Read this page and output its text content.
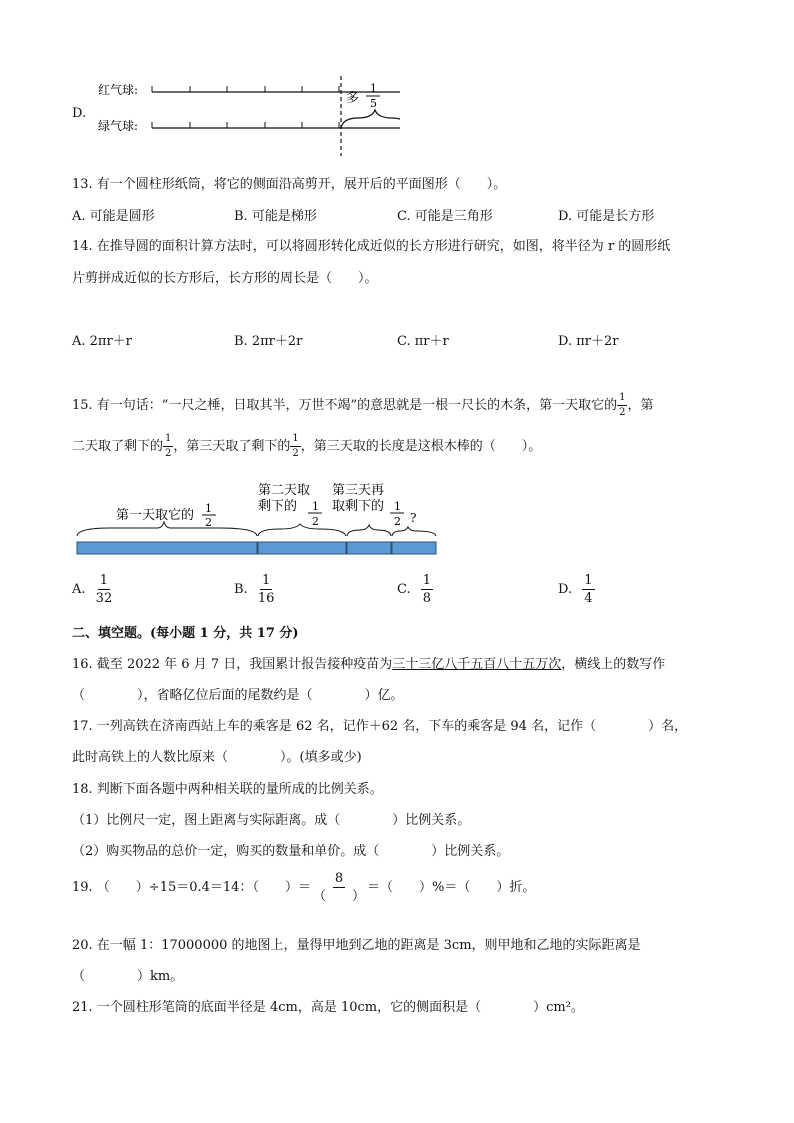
D.
红气球:
绿气球:
多
1
5
13. 有一个圆柱形纸筒，将它的侧面沿高剪开，展开后的平面图形（　　）。
A. 可能是圆形	B. 可能是梯形	C. 可能是三角形	D. 可能是长方形
14. 在推导圆的面积计算方法时，可以将圆形转化成近似的长方形进行研究，如图，将半径为 r 的圆形纸
片剪拼成近似的长方形后，长方形的周长是（　　）。
A. 2πr＋r	B. 2πr＋2r	C. πr＋r	D. πr＋2r
15. 有一句话：“一尺之棰，日取其半，万世不竭”的意思就是一根一尺长的木条，第一天取它的 $\frac{1}{2}$ ，第
二天取了剩下的 $\frac{1}{2}$ ，第三天取了剩下的 $\frac{1}{2}$ ，第三天取的长度是这根木棒的（　　）。
第一天取它的 1
2
第二天取
剩下的 1
2
第三天再
取剩下的 1
2 ?
A. $\frac{1}{32}$	B. $\frac{1}{16}$	C. $\frac{1}{8}$	D. $\frac{1}{4}$
二、填空题。(每小题 1 分，共 17 分)
16. 截至 2022 年 6 月 7 日，我国累计报告接种疫苗为三十三亿八千五百八十五万次，横线上的数写作
（　　　　），省略亿位后面的尾数约是（　　　　）亿。
17. 一列高铁在济南西站上车的乘客是 62 名，记作＋62 名，下车的乘客是 94 名，记作（　　　　）名，
此时高铁上的人数比原来（　　　　）。(填多或少)
18. 判断下面各题中两种相关联的量所成的比例关系。
（1）比例尺一定，图上距离与实际距离。成（　　　　）比例关系。
（2）购买物品的总价一定，购买的数量和单价。成（　　　　）比例关系。
19. （　　）÷15＝0.4＝14：（　　）＝ $\frac{8}{( )}$ ＝（　　）%＝（　　）折。
20. 在一幅 1：17000000 的地图上，量得甲地到乙地的距离是 3cm，则甲地和乙地的实际距离是
（　　　　）km。
21. 一个圆柱形笔筒的底面半径是 4cm，高是 10cm，它的侧面积是（　　　　）cm²。
